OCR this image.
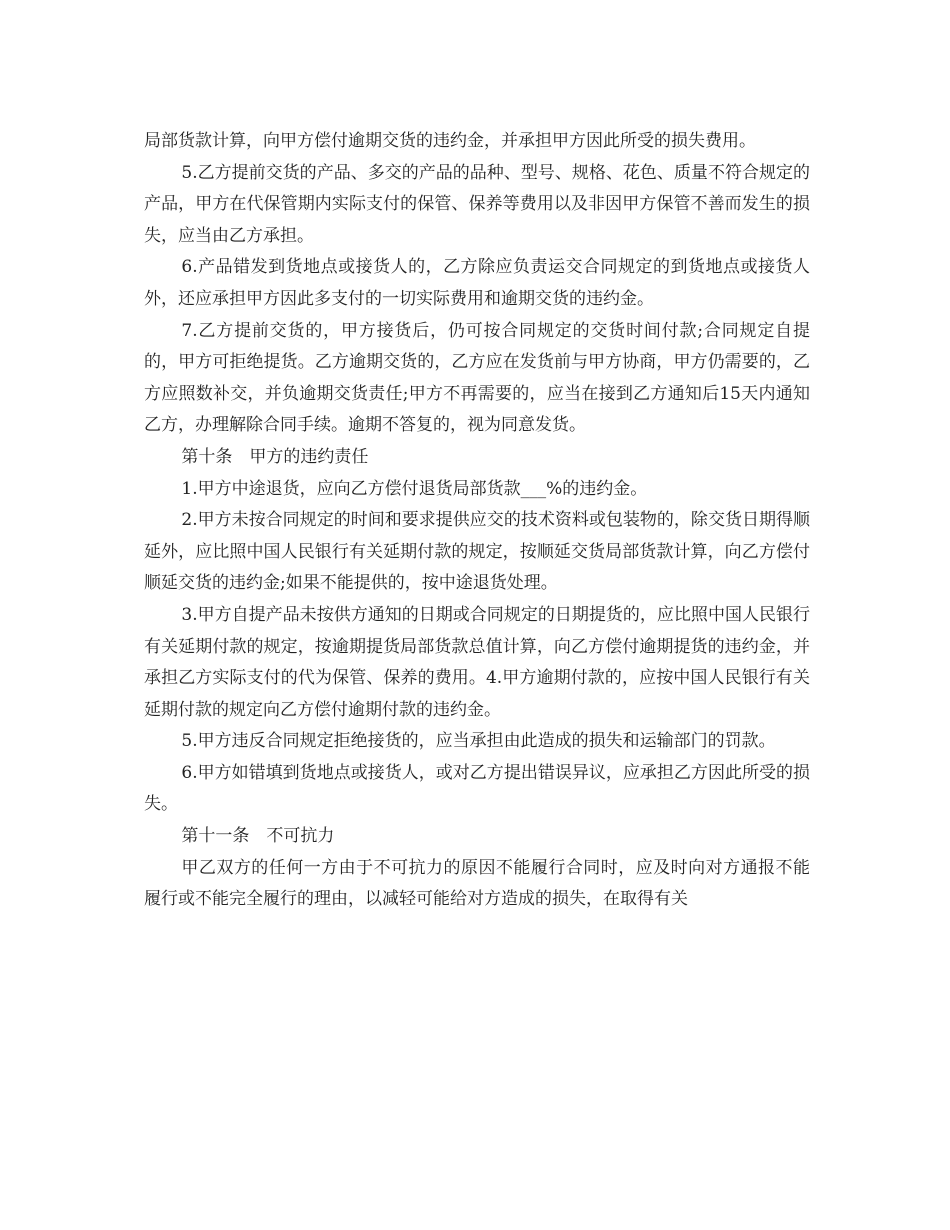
局部货款计算，向甲方偿付逾期交货的违约金，并承担甲方因此所受的损失费用。

5.乙方提前交货的产品、多交的产品的品种、型号、规格、花色、质量不符合规定的产品，甲方在代保管期内实际支付的保管、保养等费用以及非因甲方保管不善而发生的损失，应当由乙方承担。

6.产品错发到货地点或接货人的，乙方除应负责运交合同规定的到货地点或接货人外，还应承担甲方因此多支付的一切实际费用和逾期交货的违约金。

7.乙方提前交货的，甲方接货后，仍可按合同规定的交货时间付款;合同规定自提的，甲方可拒绝提货。乙方逾期交货的，乙方应在发货前与甲方协商，甲方仍需要的，乙方应照数补交，并负逾期交货责任;甲方不再需要的，应当在接到乙方通知后15天内通知乙方，办理解除合同手续。逾期不答复的，视为同意发货。

第十条　甲方的违约责任

1.甲方中途退货，应向乙方偿付退货局部货款___%的违约金。

2.甲方未按合同规定的时间和要求提供应交的技术资料或包装物的，除交货日期得顺延外，应比照中国人民银行有关延期付款的规定，按顺延交货局部货款计算，向乙方偿付顺延交货的违约金;如果不能提供的，按中途退货处理。

3.甲方自提产品未按供方通知的日期或合同规定的日期提货的，应比照中国人民银行有关延期付款的规定，按逾期提货局部货款总值计算，向乙方偿付逾期提货的违约金，并承担乙方实际支付的代为保管、保养的费用。4.甲方逾期付款的，应按中国人民银行有关延期付款的规定向乙方偿付逾期付款的违约金。

5.甲方违反合同规定拒绝接货的，应当承担由此造成的损失和运输部门的罚款。

6.甲方如错填到货地点或接货人，或对乙方提出错误异议，应承担乙方因此所受的损失。

第十一条　不可抗力

甲乙双方的任何一方由于不可抗力的原因不能履行合同时，应及时向对方通报不能履行或不能完全履行的理由，以减轻可能给对方造成的损失，在取得有关
